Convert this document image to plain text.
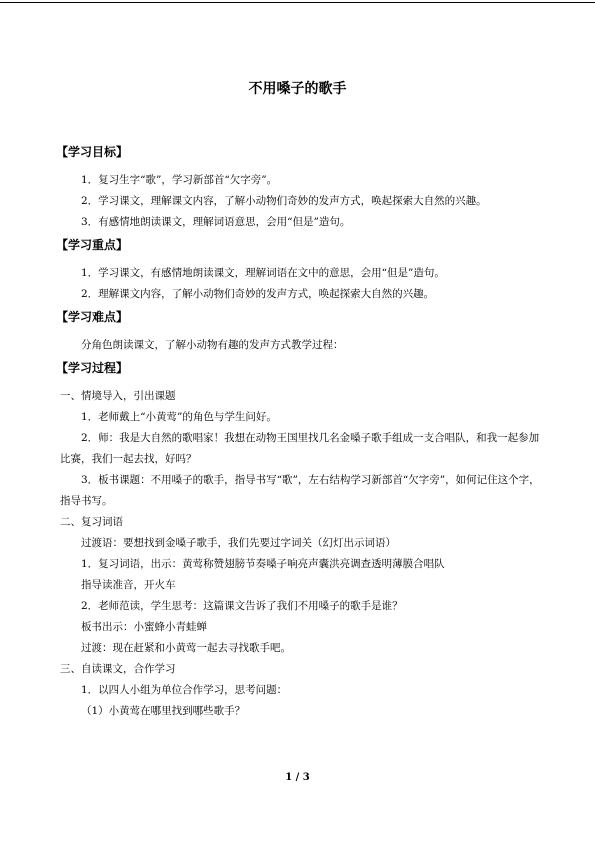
不用嗓子的歌手
【学习目标】

1．复习生字“歌”，学习新部首“欠字旁”。

2．学习课文，理解课文内容，了解小动物们奇妙的发声方式，唤起探索大自然的兴趣。

3．有感情地朗读课文，理解词语意思，会用“但是”造句。

【学习重点】

1．学习课文，有感情地朗读课文，理解词语在文中的意思，会用“但是”造句。

2．理解课文内容，了解小动物们奇妙的发声方式，唤起探索大自然的兴趣。

【学习难点】

分角色朗读课文，了解小动物有趣的发声方式教学过程：

【学习过程】

一、情境导入，引出课题

1．老师戴上“小黄莺”的角色与学生问好。

2．师：我是大自然的歌唱家！我想在动物王国里找几名金嗓子歌手组成一支合唱队，和我一起参加比赛，我们一起去找，好吗？

3．板书课题：不用嗓子的歌手，指导书写“歌”，左右结构学习新部首“欠字旁”，如何记住这个字，指导书写。

二、复习词语

过渡语：要想找到金嗓子歌手，我们先要过字词关（幻灯出示词语）

1．复习词语，出示：黄莺称赞翅膀节奏嗓子响亮声囊洪亮调查透明薄膜合唱队

指导读准音，开火车

2．老师范读，学生思考：这篇课文告诉了我们不用嗓子的歌手是谁？

板书出示：小蜜蜂小青蛙蝉

过渡：现在赶紧和小黄莺一起去寻找歌手吧。

三、自读课文，合作学习

1．以四人小组为单位合作学习，思考问题：

（1）小黄莺在哪里找到哪些歌手？

1 / 3
